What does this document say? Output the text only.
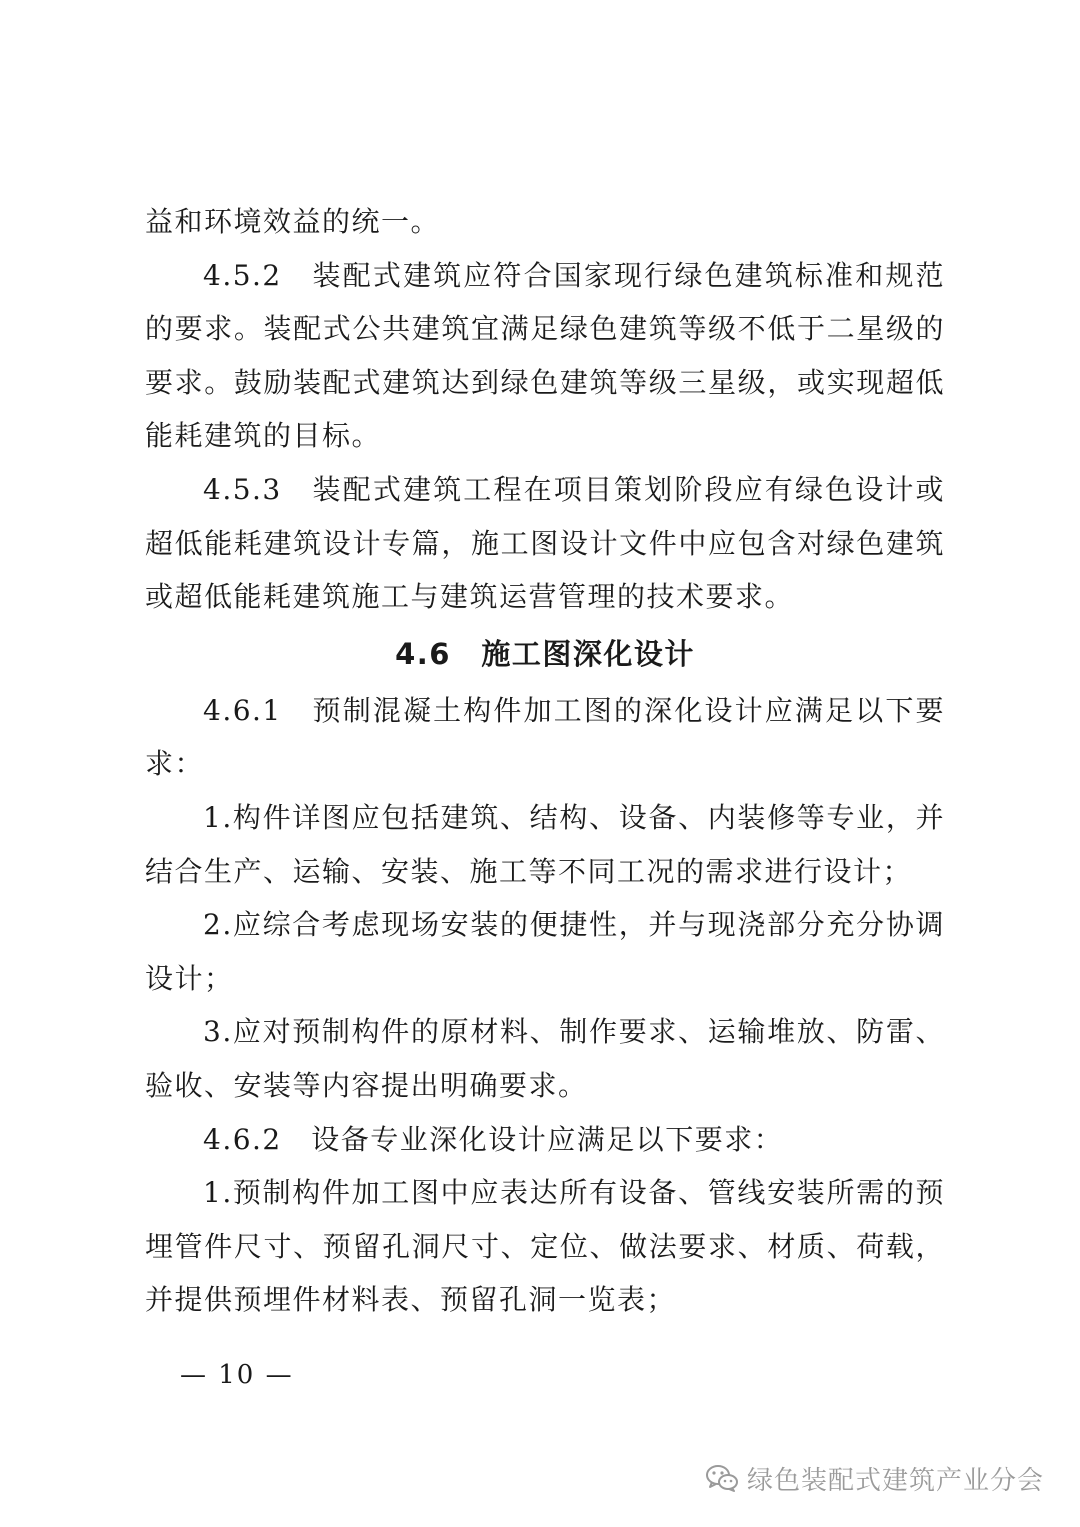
益和环境效益的统一。

4.5.2　装配式建筑应符合国家现行绿色建筑标准和规范的要求。装配式公共建筑宜满足绿色建筑等级不低于二星级的要求。鼓励装配式建筑达到绿色建筑等级三星级，或实现超低能耗建筑的目标。

4.5.3　装配式建筑工程在项目策划阶段应有绿色设计或超低能耗建筑设计专篇，施工图设计文件中应包含对绿色建筑或超低能耗建筑施工与建筑运营管理的技术要求。

4.6　施工图深化设计

4.6.1　预制混凝土构件加工图的深化设计应满足以下要求：

1.构件详图应包括建筑、结构、设备、内装修等专业，并结合生产、运输、安装、施工等不同工况的需求进行设计；

2.应综合考虑现场安装的便捷性，并与现浇部分充分协调设计；

3.应对预制构件的原材料、制作要求、运输堆放、防雷、验收、安装等内容提出明确要求。

4.6.2　设备专业深化设计应满足以下要求：

1.预制构件加工图中应表达所有设备、管线安装所需的预埋管件尺寸、预留孔洞尺寸、定位、做法要求、材质、荷载，并提供预埋件材料表、预留孔洞一览表；

— 10 —
绿色装配式建筑产业分会
